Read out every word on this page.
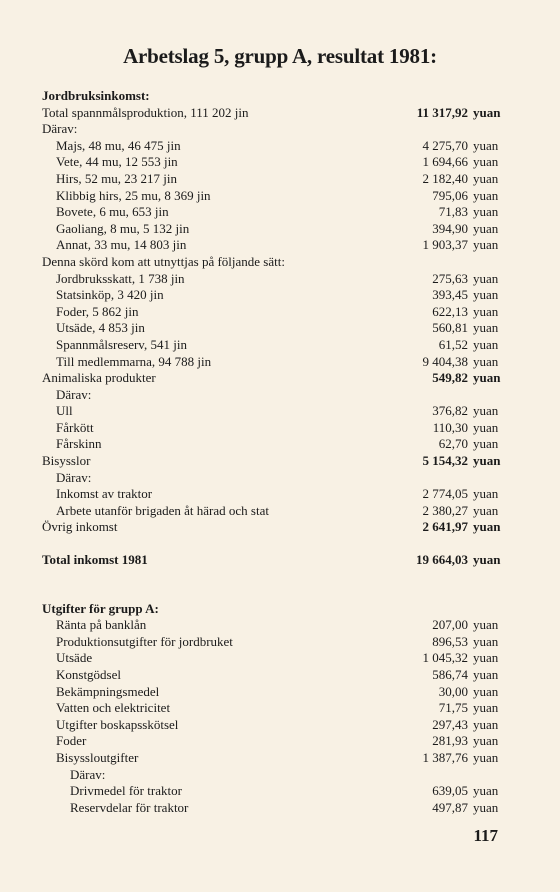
Arbetslag 5, grupp A, resultat 1981:
Jordbruksinkomst:
Total spannmålsproduktion, 111 202 jin	11 317,92 yuan
Därav:
Majs, 48 mu, 46 475 jin	4 275,70 yuan
Vete, 44 mu, 12 553 jin	1 694,66 yuan
Hirs, 52 mu, 23 217 jin	2 182,40 yuan
Klibbig hirs, 25 mu, 8 369 jin	795,06 yuan
Bovete, 6 mu, 653 jin	71,83 yuan
Gaoliang, 8 mu, 5 132 jin	394,90 yuan
Annat, 33 mu, 14 803 jin	1 903,37 yuan
Denna skörd kom att utnyttjas på följande sätt:
Jordbruksskatt, 1 738 jin	275,63 yuan
Statsinköp, 3 420 jin	393,45 yuan
Foder, 5 862 jin	622,13 yuan
Utsäde, 4 853 jin	560,81 yuan
Spannmålsreserv, 541 jin	61,52 yuan
Till medlemmarna, 94 788 jin	9 404,38 yuan
Animaliska produkter	549,82 yuan
Därav:
Ull	376,82 yuan
Fårkött	110,30 yuan
Fårskinn	62,70 yuan
Bisysslor	5 154,32 yuan
Därav:
Inkomst av traktor	2 774,05 yuan
Arbete utanför brigaden åt härad och stat	2 380,27 yuan
Övrig inkomst	2 641,97 yuan
Total inkomst 1981	19 664,03 yuan
Utgifter för grupp A:
Ränta på banklån	207,00 yuan
Produktionsutgifter för jordbruket	896,53 yuan
Utsäde	1 045,32 yuan
Konstgödsel	586,74 yuan
Bekämpningsmedel	30,00 yuan
Vatten och elektricitet	71,75 yuan
Utgifter boskapsskötsel	297,43 yuan
Foder	281,93 yuan
Bisyssloutgifter	1 387,76 yuan
Därav:
Drivmedel för traktor	639,05 yuan
Reservdelar för traktor	497,87 yuan
117
